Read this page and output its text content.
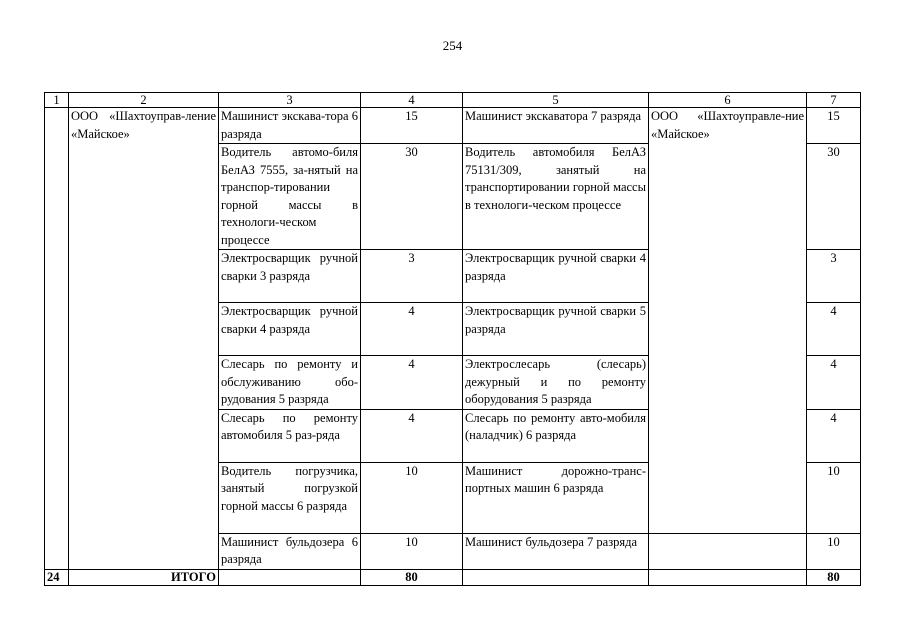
254
1	2	3	4	5	6	7
	ООО «Шахтоуправ-ление «Майское»	Машинист экскава-тора 6 разряда	15	Машинист экскаватора 7 разряда	ООО «Шахтоуправле-ние «Майское»	15
		Водитель автомо-биля БелАЗ 7555, за-нятый на транспор-тировании горной массы в технологи-ческом процессе	30	Водитель автомобиля БелАЗ 75131/309, занятый на транспортировании горной массы в технологи-ческом процессе		30
		Электросварщик ручной сварки 3 разряда	3	Электросварщик ручной сварки 4 разряда		3
		Электросварщик ручной сварки 4 разряда	4	Электросварщик ручной сварки 5 разряда		4
		Слесарь по ремонту и обслуживанию обо-рудования 5 разряда	4	Электрослесарь (слесарь) дежурный и по ремонту оборудования 5 разряда		4
		Слесарь по ремонту автомобиля 5 раз-ряда	4	Слесарь по ремонту авто-мобиля (наладчик) 6 разряда		4
		Водитель погрузчика, занятый погрузкой горной массы 6 разряда	10	Машинист дорожно-транс-портных машин 6 разряда		10
		Машинист бульдозера 6 разряда	10	Машинист бульдозера 7 разряда		10
24	ИТОГО		80			80
